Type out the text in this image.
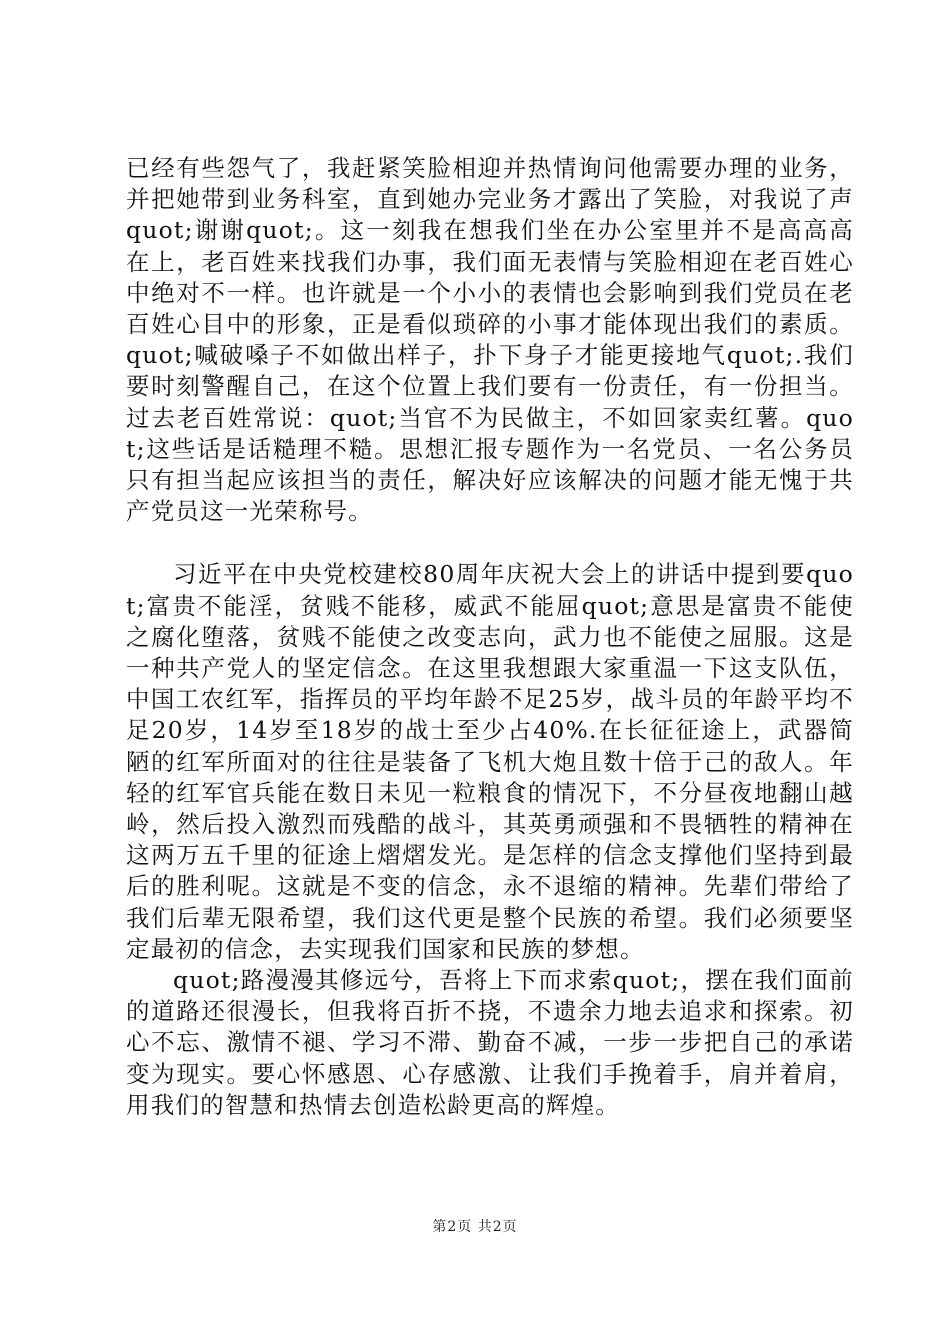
已经有些怨气了，我赶紧笑脸相迎并热情询问他需要办理的业务，并把她带到业务科室，直到她办完业务才露出了笑脸，对我说了声quot;谢谢quot;。这一刻我在想我们坐在办公室里并不是高高高在上，老百姓来找我们办事，我们面无表情与笑脸相迎在老百姓心中绝对不一样。也许就是一个小小的表情也会影响到我们党员在老百姓心目中的形象，正是看似琐碎的小事才能体现出我们的素质。quot;喊破嗓子不如做出样子，扑下身子才能更接地气quot;.我们要时刻警醒自己，在这个位置上我们要有一份责任，有一份担当。过去老百姓常说：quot;当官不为民做主，不如回家卖红薯。quot;这些话是话糙理不糙。思想汇报专题作为一名党员、一名公务员只有担当起应该担当的责任，解决好应该解决的问题才能无愧于共产党员这一光荣称号。

习近平在中央党校建校80周年庆祝大会上的讲话中提到要quot;富贵不能淫，贫贱不能移，威武不能屈quot;意思是富贵不能使之腐化堕落，贫贱不能使之改变志向，武力也不能使之屈服。这是一种共产党人的坚定信念。在这里我想跟大家重温一下这支队伍，中国工农红军，指挥员的平均年龄不足25岁，战斗员的年龄平均不足20岁，14岁至18岁的战士至少占40%.在长征征途上，武器简陋的红军所面对的往往是装备了飞机大炮且数十倍于己的敌人。年轻的红军官兵能在数日未见一粒粮食的情况下，不分昼夜地翻山越岭，然后投入激烈而残酷的战斗，其英勇顽强和不畏牺牲的精神在这两万五千里的征途上熠熠发光。是怎样的信念支撑他们坚持到最后的胜利呢。这就是不变的信念，永不退缩的精神。先辈们带给了我们后辈无限希望，我们这代更是整个民族的希望。我们必须要坚定最初的信念，去实现我们国家和民族的梦想。

quot;路漫漫其修远兮，吾将上下而求索quot;，摆在我们面前的道路还很漫长，但我将百折不挠，不遗余力地去追求和探索。初心不忘、激情不褪、学习不滞、勤奋不减，一步一步把自己的承诺变为现实。要心怀感恩、心存感激、让我们手挽着手，肩并着肩，用我们的智慧和热情去创造松龄更高的辉煌。

第2页 共2页
